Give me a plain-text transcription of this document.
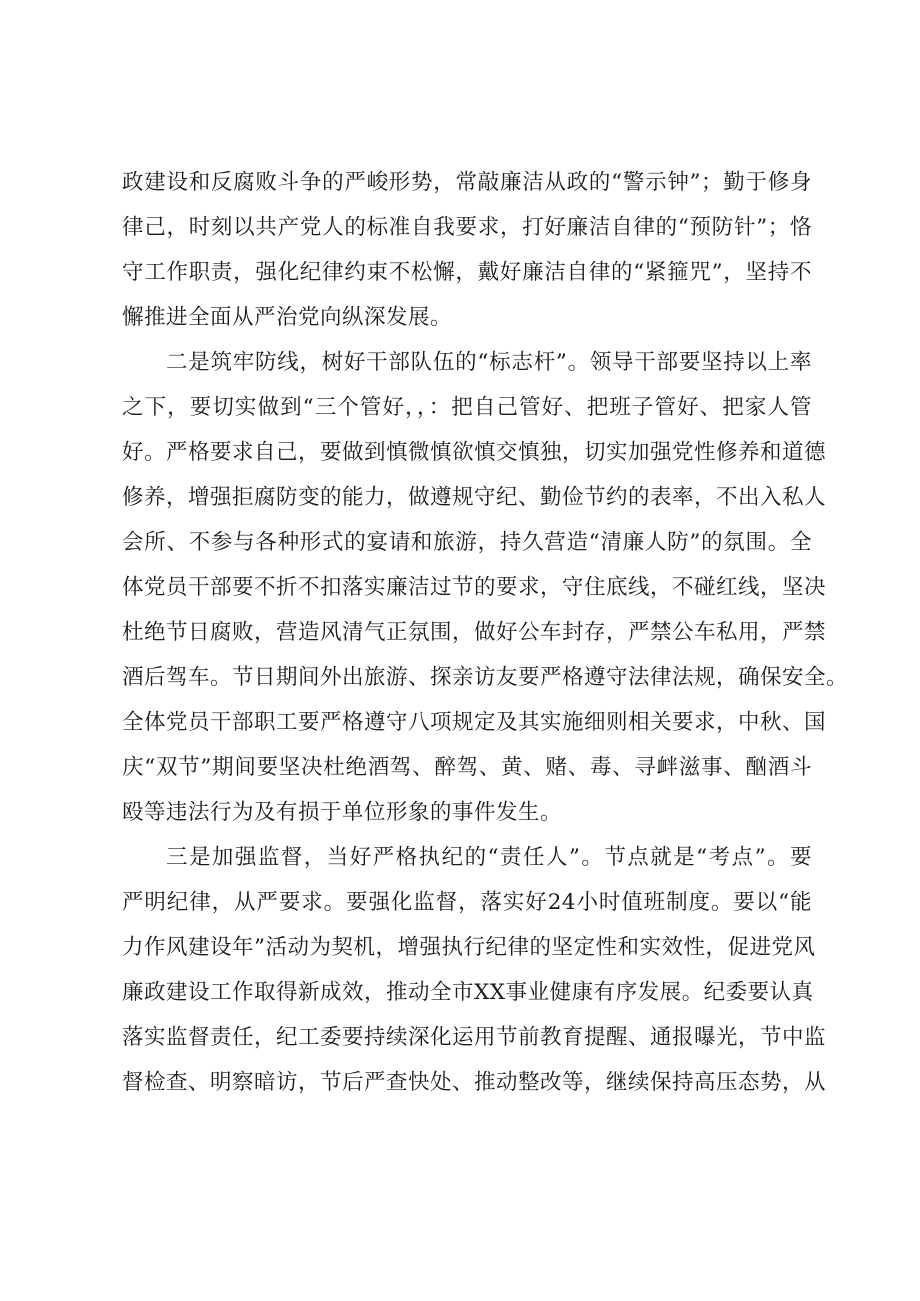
政建设和反腐败斗争的严峻形势，常敲廉洁从政的“警示钟”；勤于修身
律己，时刻以共产党人的标准自我要求，打好廉洁自律的“预防针”；恪
守工作职责，强化纪律约束不松懈，戴好廉洁自律的“紧箍咒”，坚持不
懈推进全面从严治党向纵深发展。
二是筑牢防线，树好干部队伍的“标志杆”。领导干部要坚持以上率
之下，要切实做到“三个管好，，：把自己管好、把班子管好、把家人管
好。严格要求自己，要做到慎微慎欲慎交慎独，切实加强党性修养和道德
修养，增强拒腐防变的能力，做遵规守纪、勤俭节约的表率，不出入私人
会所、不参与各种形式的宴请和旅游，持久营造“清廉人防”的氛围。全
体党员干部要不折不扣落实廉洁过节的要求，守住底线，不碰红线，坚决
杜绝节日腐败，营造风清气正氛围，做好公车封存，严禁公车私用，严禁
酒后驾车。节日期间外出旅游、探亲访友要严格遵守法律法规，确保安全。
全体党员干部职工要严格遵守八项规定及其实施细则相关要求，中秋、国
庆“双节”期间要坚决杜绝酒驾、醉驾、黄、赌、毒、寻衅滋事、酗酒斗
殴等违法行为及有损于单位形象的事件发生。
三是加强监督，当好严格执纪的“责任人”。节点就是“考点”。要
严明纪律，从严要求。要强化监督，落实好24小时值班制度。要以“能
力作风建设年”活动为契机，增强执行纪律的坚定性和实效性，促进党风
廉政建设工作取得新成效，推动全市XX事业健康有序发展。纪委要认真
落实监督责任，纪工委要持续深化运用节前教育提醒、通报曝光，节中监
督检查、明察暗访，节后严查快处、推动整改等，继续保持高压态势，从
